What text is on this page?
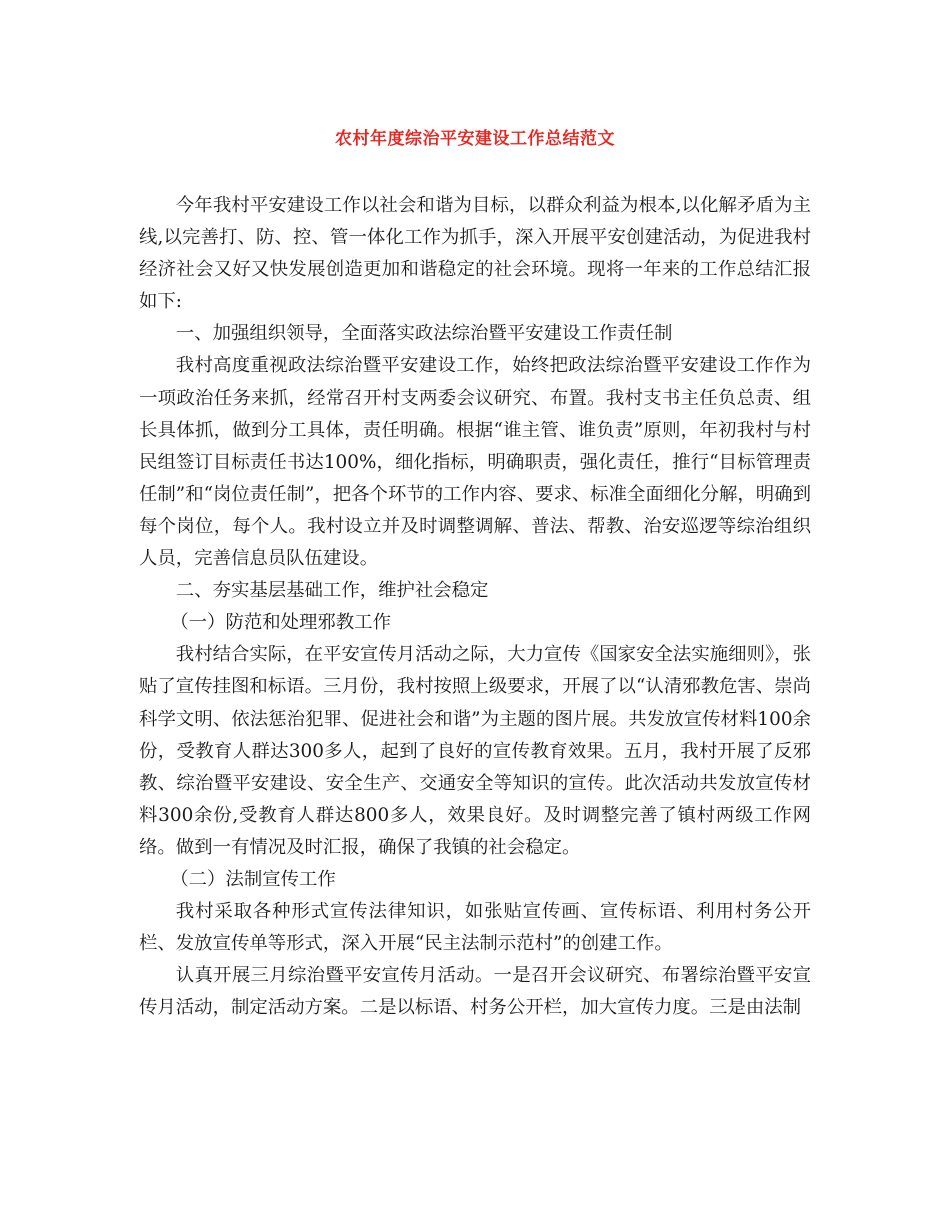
农村年度综治平安建设工作总结范文

今年我村平安建设工作以社会和谐为目标，以群众利益为根本,以化解矛盾为主线,以完善打、防、控、管一体化工作为抓手，深入开展平安创建活动，为促进我村经济社会又好又快发展创造更加和谐稳定的社会环境。现将一年来的工作总结汇报如下:

一、加强组织领导，全面落实政法综治暨平安建设工作责任制

我村高度重视政法综治暨平安建设工作，始终把政法综治暨平安建设工作作为一项政治任务来抓，经常召开村支两委会议研究、布置。我村支书主任负总责、组长具体抓，做到分工具体，责任明确。根据“谁主管、谁负责”原则，年初我村与村民组签订目标责任书达100%，细化指标，明确职责，强化责任，推行“目标管理责任制”和“岗位责任制”，把各个环节的工作内容、要求、标准全面细化分解，明确到每个岗位，每个人。我村设立并及时调整调解、普法、帮教、治安巡逻等综治组织人员，完善信息员队伍建设。

二、夯实基层基础工作，维护社会稳定

（一）防范和处理邪教工作

我村结合实际，在平安宣传月活动之际，大力宣传《国家安全法实施细则》，张贴了宣传挂图和标语。三月份，我村按照上级要求，开展了以“认清邪教危害、崇尚科学文明、依法惩治犯罪、促进社会和谐”为主题的图片展。共发放宣传材料100余份，受教育人群达300多人，起到了良好的宣传教育效果。五月，我村开展了反邪教、综治暨平安建设、安全生产、交通安全等知识的宣传。此次活动共发放宣传材料300余份,受教育人群达800多人，效果良好。及时调整完善了镇村两级工作网络。做到一有情况及时汇报，确保了我镇的社会稳定。

（二）法制宣传工作

我村采取各种形式宣传法律知识，如张贴宣传画、宣传标语、利用村务公开栏、发放宣传单等形式，深入开展“民主法制示范村”的创建工作。

认真开展三月综治暨平安宣传月活动。一是召开会议研究、布署综治暨平安宣传月活动，制定活动方案。二是以标语、村务公开栏，加大宣传力度。三是由法制
